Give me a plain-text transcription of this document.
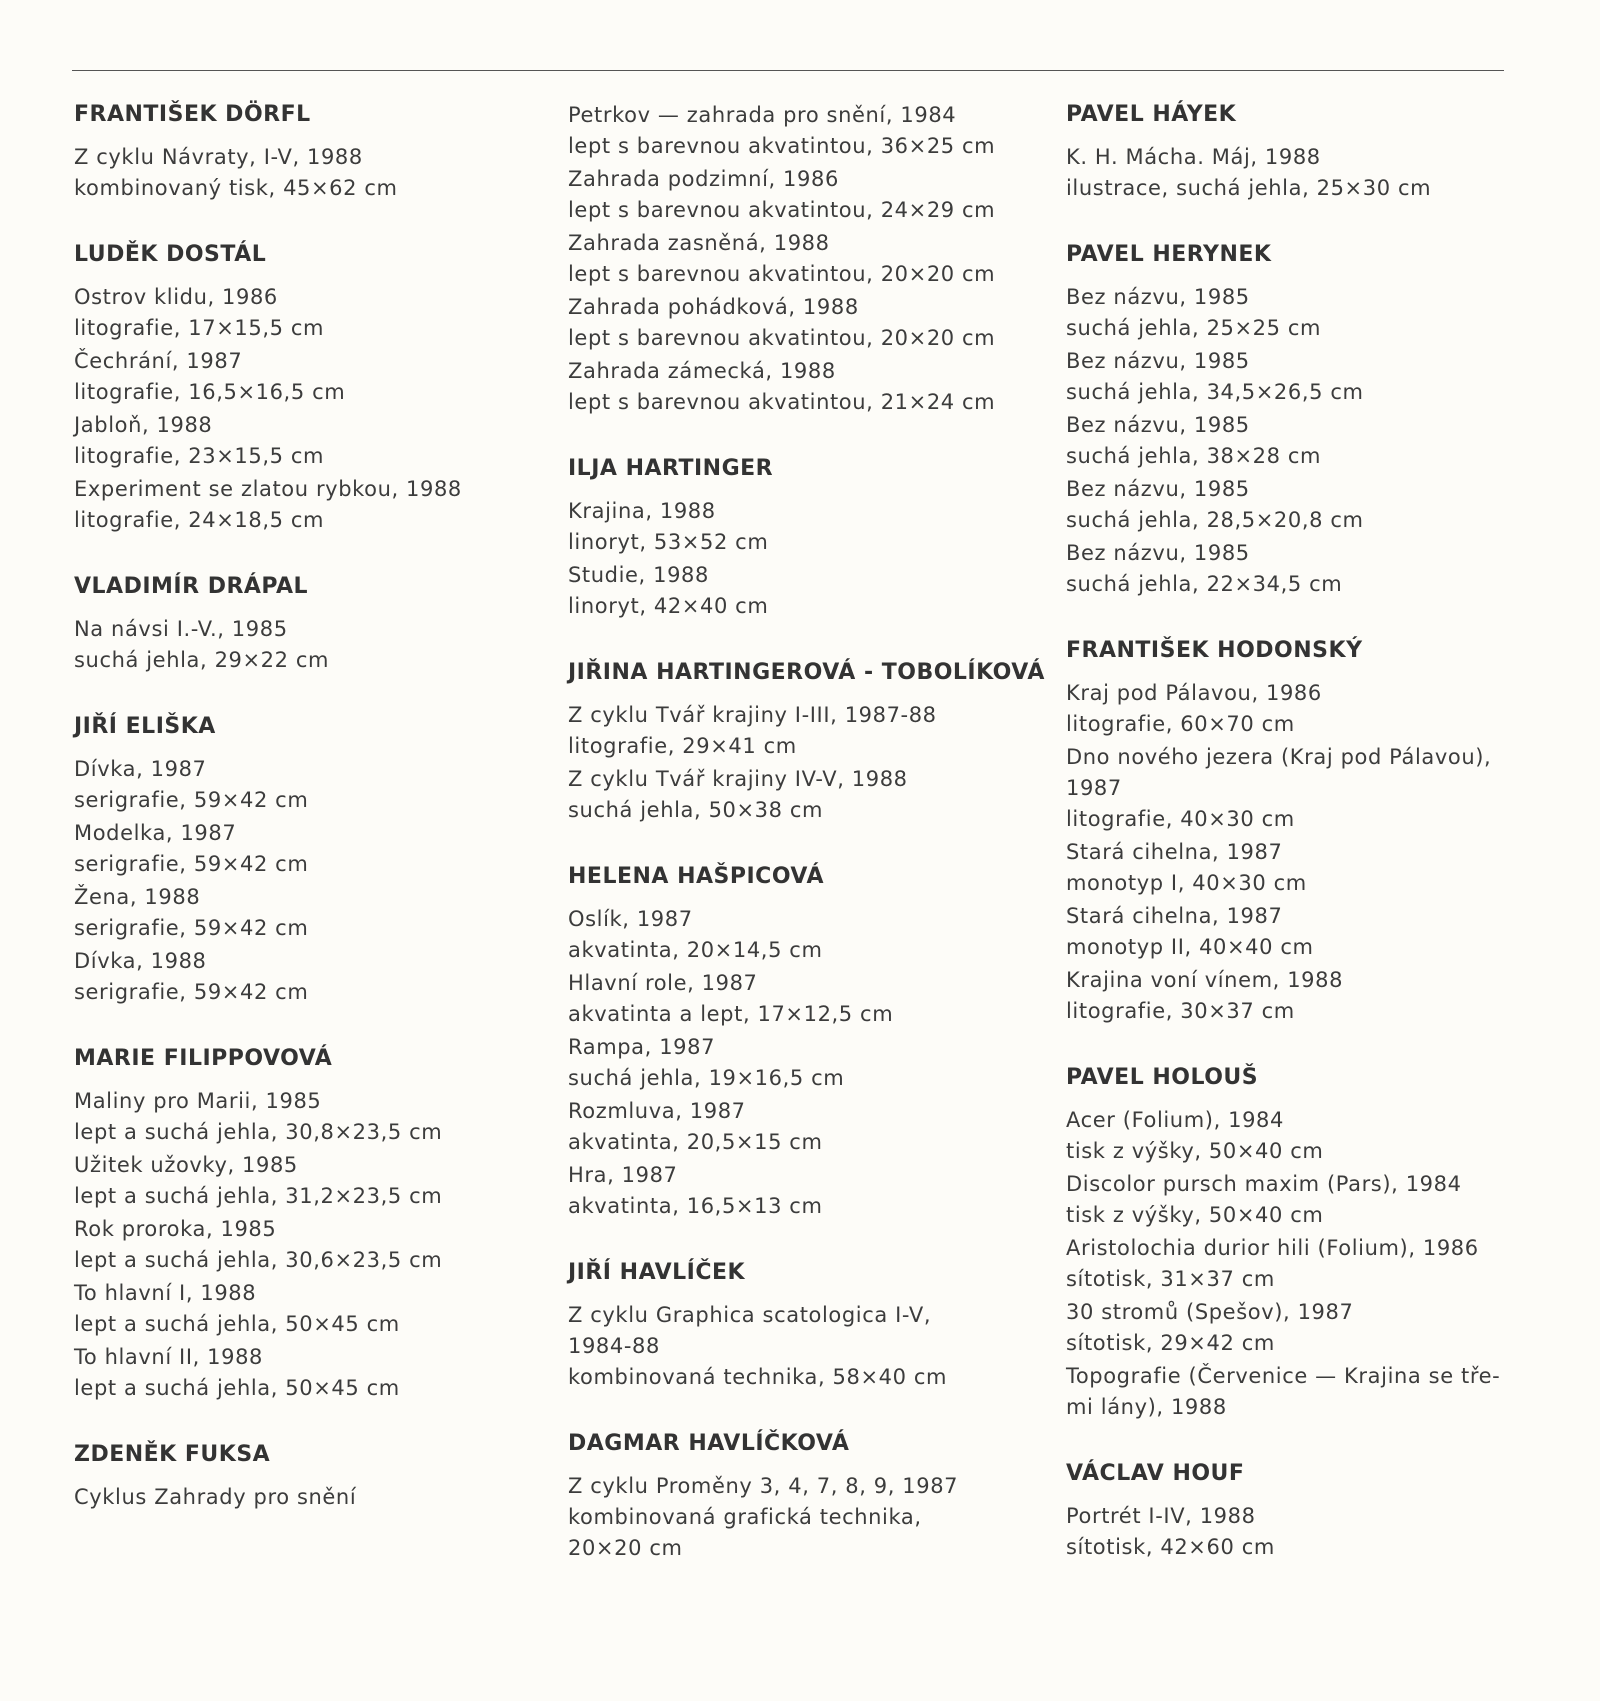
FRANTIŠEK DÖRFL
Z cyklu Návraty, I-V, 1988
kombinovaný tisk, 45×62 cm
LUDĚK DOSTÁL
Ostrov klidu, 1986
litografie, 17×15,5 cm
Čechrání, 1987
litografie, 16,5×16,5 cm
Jabloň, 1988
litografie, 23×15,5 cm
Experiment se zlatou rybkou, 1988
litografie, 24×18,5 cm
VLADIMÍR DRÁPAL
Na návsi I.-V., 1985
suchá jehla, 29×22 cm
JIŘÍ ELIŠKA
Dívka, 1987
serigrafie, 59×42 cm
Modelka, 1987
serigrafie, 59×42 cm
Žena, 1988
serigrafie, 59×42 cm
Dívka, 1988
serigrafie, 59×42 cm
MARIE FILIPPOVOVÁ
Maliny pro Marii, 1985
lept a suchá jehla, 30,8×23,5 cm
Užitek užovky, 1985
lept a suchá jehla, 31,2×23,5 cm
Rok proroka, 1985
lept a suchá jehla, 30,6×23,5 cm
To hlavní I, 1988
lept a suchá jehla, 50×45 cm
To hlavní II, 1988
lept a suchá jehla, 50×45 cm
ZDENĚK FUKSA
Cyklus Zahrady pro snění
Petrkov — zahrada pro snění, 1984
lept s barevnou akvatintou, 36×25 cm
Zahrada podzimní, 1986
lept s barevnou akvatintou, 24×29 cm
Zahrada zasněná, 1988
lept s barevnou akvatintou, 20×20 cm
Zahrada pohádková, 1988
lept s barevnou akvatintou, 20×20 cm
Zahrada zámecká, 1988
lept s barevnou akvatintou, 21×24 cm
ILJA HARTINGER
Krajina, 1988
linoryt, 53×52 cm
Studie, 1988
linoryt, 42×40 cm
JIŘINA HARTINGEROVÁ - TOBOLÍKOVÁ
Z cyklu Tvář krajiny I-III, 1987-88
litografie, 29×41 cm
Z cyklu Tvář krajiny IV-V, 1988
suchá jehla, 50×38 cm
HELENA HAŠPICOVÁ
Oslík, 1987
akvatinta, 20×14,5 cm
Hlavní role, 1987
akvatinta a lept, 17×12,5 cm
Rampa, 1987
suchá jehla, 19×16,5 cm
Rozmluva, 1987
akvatinta, 20,5×15 cm
Hra, 1987
akvatinta, 16,5×13 cm
JIŘÍ HAVLÍČEK
Z cyklu Graphica scatologica I-V,
1984-88
kombinovaná technika, 58×40 cm
DAGMAR HAVLÍČKOVÁ
Z cyklu Proměny 3, 4, 7, 8, 9, 1987
kombinovaná grafická technika,
20×20 cm
PAVEL HÁYEK
K. H. Mácha. Máj, 1988
ilustrace, suchá jehla, 25×30 cm
PAVEL HERYNEK
Bez názvu, 1985
suchá jehla, 25×25 cm
Bez názvu, 1985
suchá jehla, 34,5×26,5 cm
Bez názvu, 1985
suchá jehla, 38×28 cm
Bez názvu, 1985
suchá jehla, 28,5×20,8 cm
Bez názvu, 1985
suchá jehla, 22×34,5 cm
FRANTIŠEK HODONSKÝ
Kraj pod Pálavou, 1986
litografie, 60×70 cm
Dno nového jezera (Kraj pod Pálavou),
1987
litografie, 40×30 cm
Stará cihelna, 1987
monotyp I, 40×30 cm
Stará cihelna, 1987
monotyp II, 40×40 cm
Krajina voní vínem, 1988
litografie, 30×37 cm
PAVEL HOLOUŠ
Acer (Folium), 1984
tisk z výšky, 50×40 cm
Discolor pursch maxim (Pars), 1984
tisk z výšky, 50×40 cm
Aristolochia durior hili (Folium), 1986
sítotisk, 31×37 cm
30 stromů (Spešov), 1987
sítotisk, 29×42 cm
Topografie (Červenice — Krajina se tře-
mi lány), 1988
VÁCLAV HOUF
Portrét I-IV, 1988
sítotisk, 42×60 cm
